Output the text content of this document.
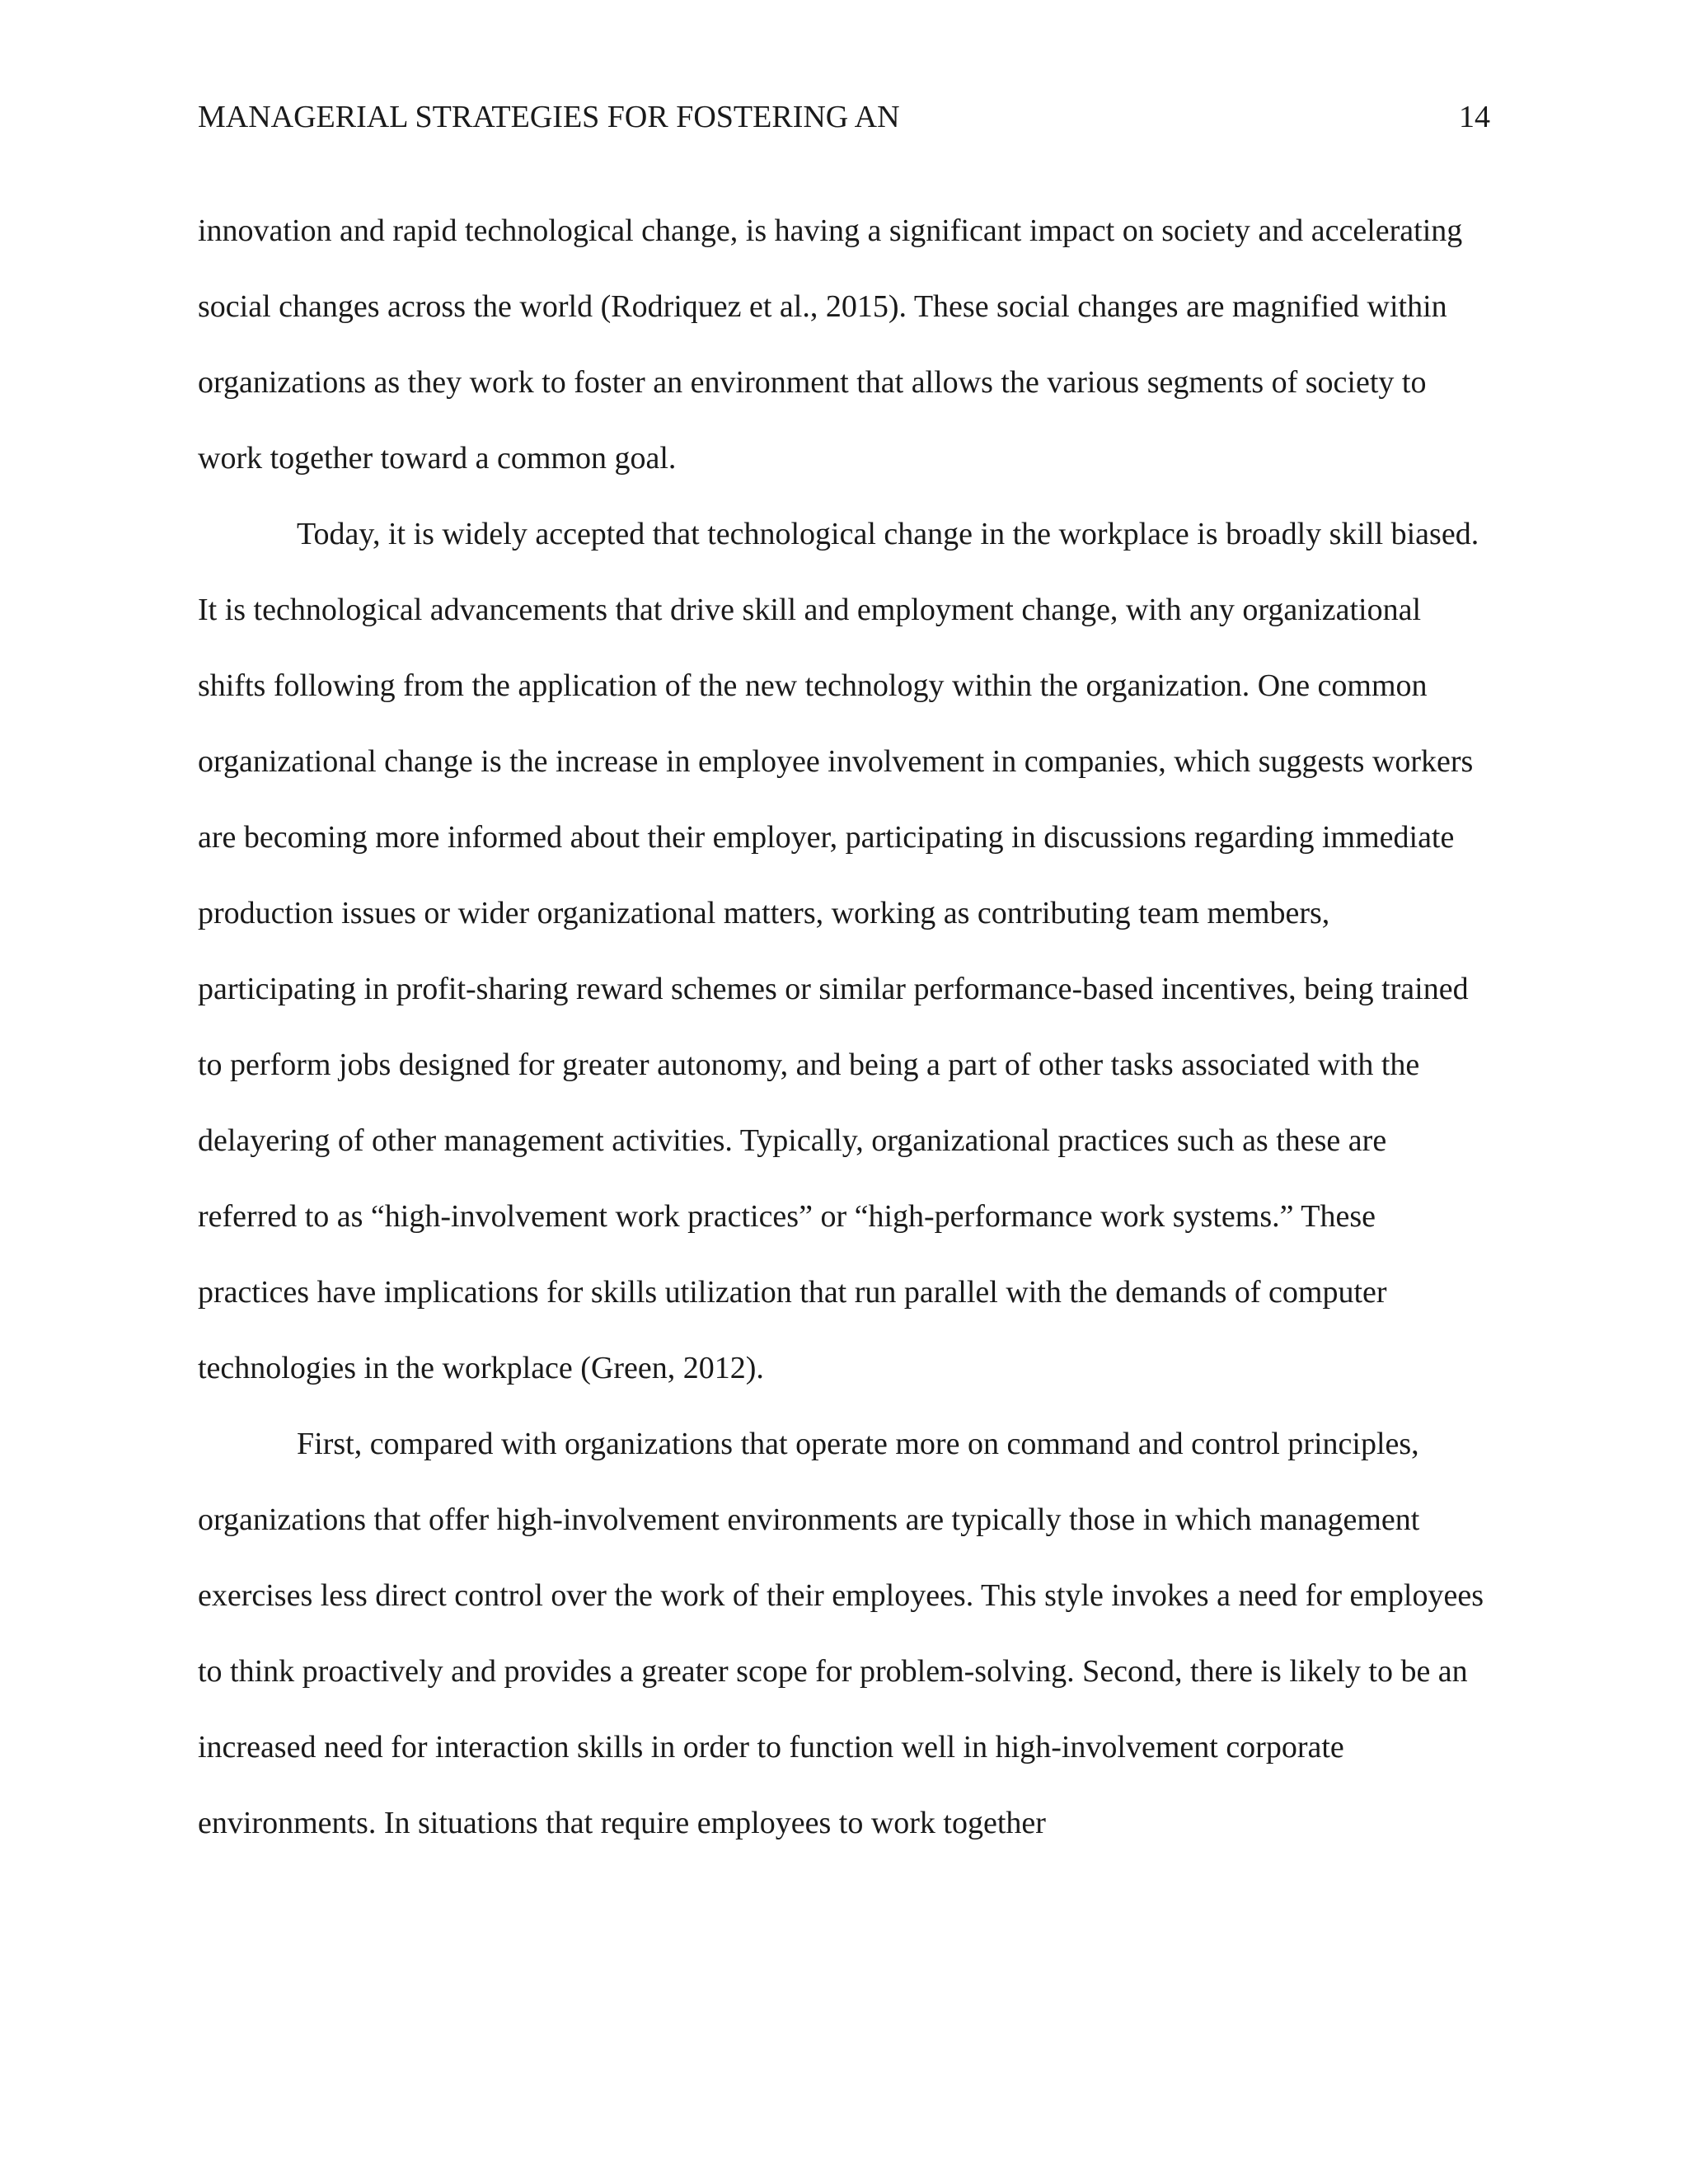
MANAGERIAL STRATEGIES FOR FOSTERING AN	14

innovation and rapid technological change, is having a significant impact on society and accelerating social changes across the world (Rodriquez et al., 2015). These social changes are magnified within organizations as they work to foster an environment that allows the various segments of society to work together toward a common goal.

Today, it is widely accepted that technological change in the workplace is broadly skill biased. It is technological advancements that drive skill and employment change, with any organizational shifts following from the application of the new technology within the organization. One common organizational change is the increase in employee involvement in companies, which suggests workers are becoming more informed about their employer, participating in discussions regarding immediate production issues or wider organizational matters, working as contributing team members, participating in profit-sharing reward schemes or similar performance-based incentives, being trained to perform jobs designed for greater autonomy, and being a part of other tasks associated with the delayering of other management activities. Typically, organizational practices such as these are referred to as “high-involvement work practices” or “high-performance work systems.” These practices have implications for skills utilization that run parallel with the demands of computer technologies in the workplace (Green, 2012).

First, compared with organizations that operate more on command and control principles, organizations that offer high-involvement environments are typically those in which management exercises less direct control over the work of their employees. This style invokes a need for employees to think proactively and provides a greater scope for problem-solving. Second, there is likely to be an increased need for interaction skills in order to function well in high-involvement corporate environments. In situations that require employees to work together
